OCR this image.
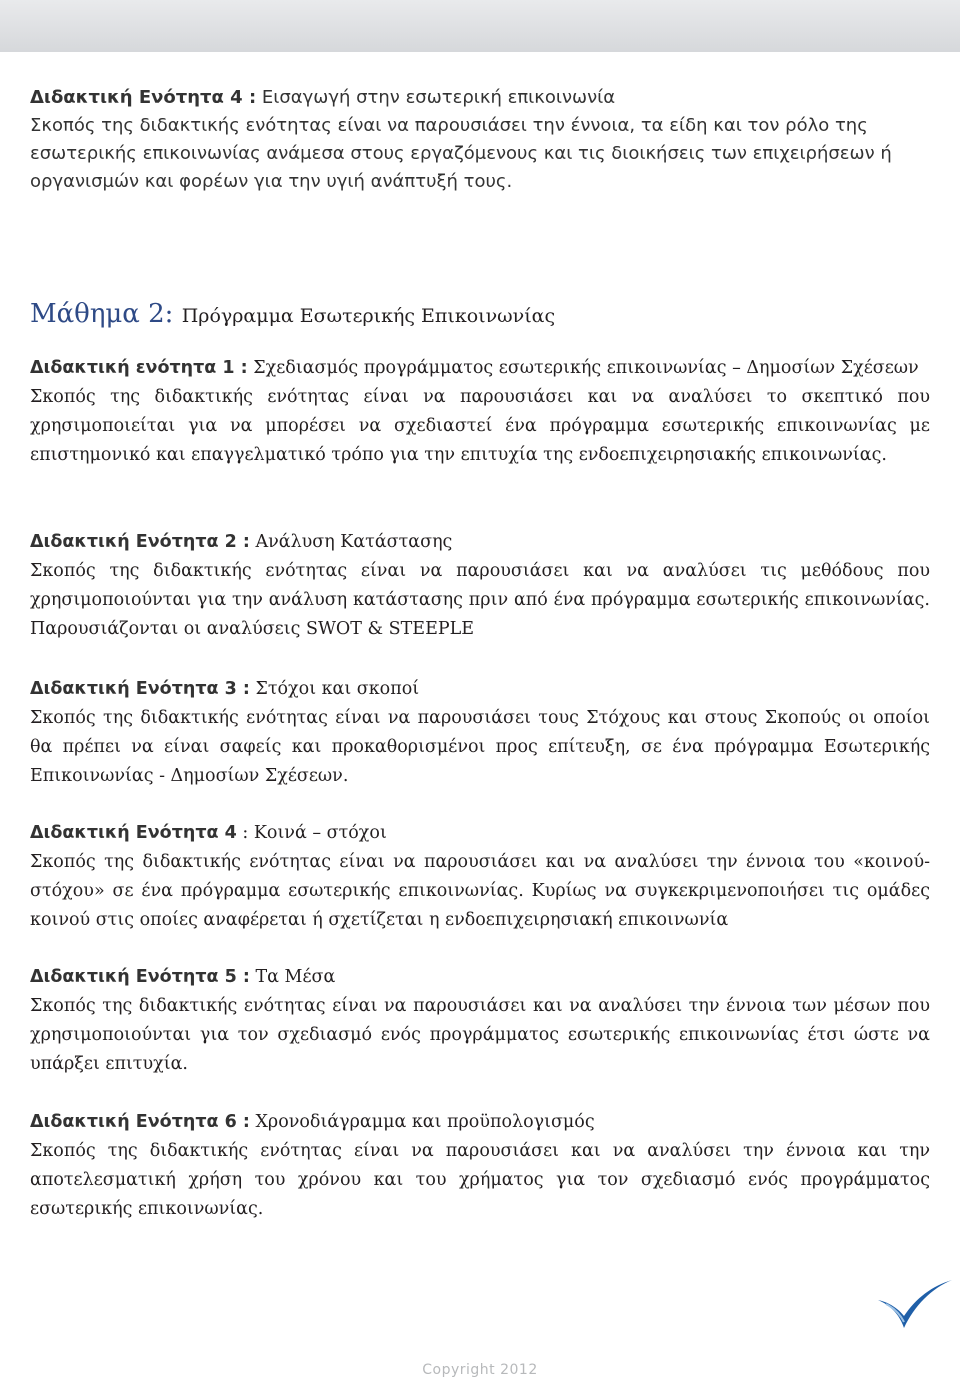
Διδακτική Ενότητα 4 : Εισαγωγή στην εσωτερική επικοινωνία
Σκοπός της διδακτικής ενότητας είναι να παρουσιάσει την έννοια, τα είδη και τον ρόλο της εσωτερικής επικοινωνίας ανάμεσα στους εργαζόμενους και τις διοικήσεις των επιχειρήσεων ή οργανισμών και φορέων για την υγιή ανάπτυξή τους.
Μάθημα 2: Πρόγραμμα Εσωτερικής Επικοινωνίας
Διδακτική ενότητα 1 : Σχεδιασμός προγράμματος εσωτερικής επικοινωνίας – Δημοσίων Σχέσεων
Σκοπός της διδακτικής ενότητας είναι να παρουσιάσει και να αναλύσει το σκεπτικό που χρησιμοποιείται για να μπορέσει να σχεδιαστεί ένα πρόγραμμα εσωτερικής επικοινωνίας με επιστημονικό και επαγγελματικό τρόπο για την επιτυχία της ενδοεπιχειρησιακής επικοινωνίας.
Διδακτική Ενότητα 2 : Ανάλυση Κατάστασης
Σκοπός της διδακτικής ενότητας είναι να παρουσιάσει και να αναλύσει τις μεθόδους που χρησιμοποιούνται για την ανάλυση κατάστασης πριν από ένα πρόγραμμα εσωτερικής επικοινωνίας. Παρουσιάζονται οι αναλύσεις SWOT & STEEPLE
Διδακτική Ενότητα 3 : Στόχοι και σκοποί
Σκοπός της διδακτικής ενότητας είναι να παρουσιάσει τους Στόχους και στους Σκοπούς οι οποίοι θα πρέπει να είναι σαφείς και προκαθορισμένοι προς επίτευξη, σε ένα πρόγραμμα Εσωτερικής Επικοινωνίας - Δημοσίων Σχέσεων.
Διδακτική Ενότητα 4 : Κοινά – στόχοι
Σκοπός της διδακτικής ενότητας είναι να παρουσιάσει και να αναλύσει την έννοια του «κοινού-στόχου» σε ένα πρόγραμμα εσωτερικής επικοινωνίας. Κυρίως να συγκεκριμενοποιήσει τις ομάδες κοινού στις οποίες αναφέρεται ή σχετίζεται η ενδοεπιχειρησιακή επικοινωνία
Διδακτική Ενότητα 5 : Τα Μέσα
Σκοπός της διδακτικής ενότητας είναι να παρουσιάσει και να αναλύσει την έννοια των μέσων που χρησιμοποιούνται για τον σχεδιασμό ενός προγράμματος εσωτερικής επικοινωνίας έτσι ώστε να υπάρξει επιτυχία.
Διδακτική Ενότητα 6 : Χρονοδιάγραμμα και προϋπολογισμός
Σκοπός της διδακτικής ενότητας είναι να παρουσιάσει και να αναλύσει την έννοια και την αποτελεσματική χρήση του χρόνου και του χρήματος για τον σχεδιασμό ενός προγράμματος εσωτερικής επικοινωνίας.
Copyright 2012
